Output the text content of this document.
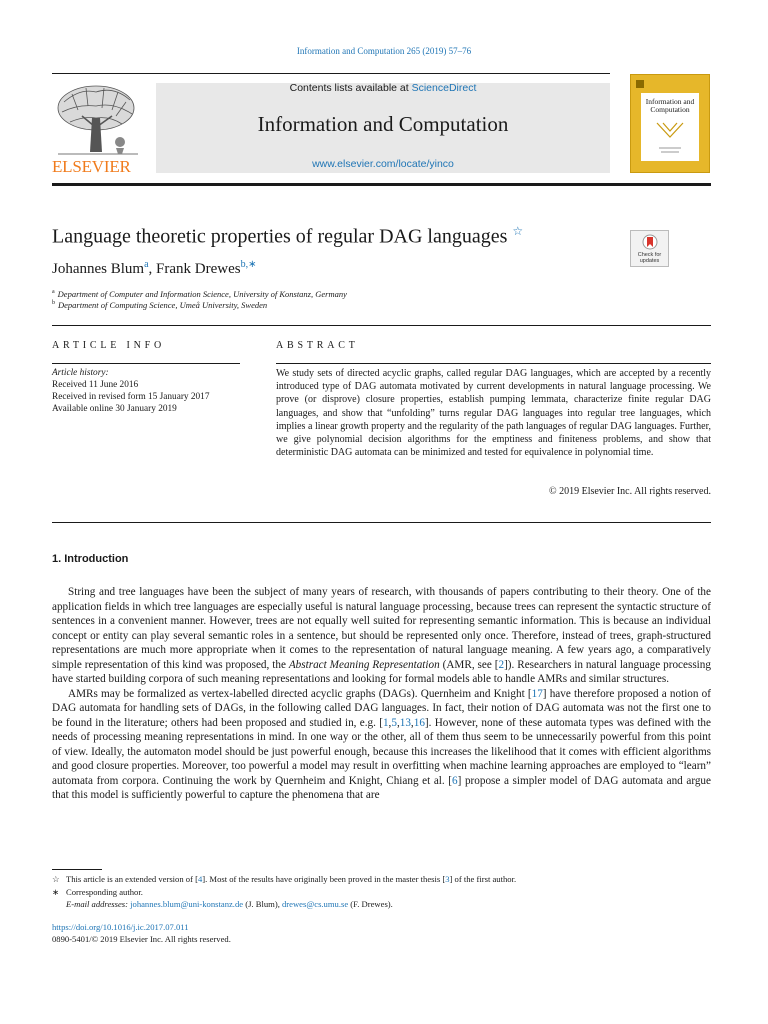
Information and Computation 265 (2019) 57–76
Contents lists available at ScienceDirect
Information and Computation
www.elsevier.com/locate/yinco
ELSEVIER
Information and Computation
Language theoretic properties of regular DAG languages ☆
Check for
updates
Johannes Blum$^a$, Frank Drewes$^{b,∗}$
$^a$ Department of Computer and Information Science, University of Konstanz, Germany
$^b$ Department of Computing Science, Umeå University, Sweden
ARTICLE INFO
Article history:
Received 11 June 2016
Received in revised form 15 January 2017
Available online 30 January 2019
ABSTRACT
We study sets of directed acyclic graphs, called regular DAG languages, which are accepted by a recently introduced type of DAG automata motivated by current developments in natural language processing. We prove (or disprove) closure properties, establish pumping lemmata, characterize finite regular DAG languages, and show that “unfolding” turns regular DAG languages into regular tree languages, which implies a linear growth property and the regularity of the path languages of regular DAG languages. Further, we give polynomial decision algorithms for the emptiness and finiteness problems, and show that deterministic DAG automata can be minimized and tested for equivalence in polynomial time.
© 2019 Elsevier Inc. All rights reserved.
1. Introduction

String and tree languages have been the subject of many years of research, with thousands of papers contributing to their theory. One of the application fields in which tree languages are especially useful is natural language processing, because trees can represent the syntactic structure of sentences in a convenient manner. However, trees are not equally well suited for representing semantic information. This is because an individual concept or entity can play several semantic roles in a sentence, but should be represented only once. Therefore, instead of trees, graph-structured representations are much more appropriate when it comes to the representation of natural language meaning. A few years ago, a comparatively simple representation of this kind was proposed, the Abstract Meaning Representation (AMR, see [2]). Researchers in natural language processing have started building corpora of such meaning representations and looking for formal models able to handle AMRs and similar structures.

AMRs may be formalized as vertex-labelled directed acyclic graphs (DAGs). Quernheim and Knight [17] have therefore proposed a notion of DAG automata for handling sets of DAGs, in the following called DAG languages. In fact, their notion of DAG automata was not the first one to be found in the literature; others had been proposed and studied in, e.g. [1,5,13,16]. However, none of these automata types was defined with the needs of processing meaning representations in mind. In one way or the other, all of them thus seem to be unnecessarily powerful from this point of view. Ideally, the automaton model should be just powerful enough, because this increases the likelihood that it comes with efficient algorithms and good closure properties. Moreover, too powerful a model may result in overfitting when machine learning approaches are employed to “learn” automata from corpora. Continuing the work by Quernheim and Knight, Chiang et al. [6] propose a simpler model of DAG automata and argue that this model is sufficiently powerful to capture the phenomena that are

☆ This article is an extended version of [4]. Most of the results have originally been proved in the master thesis [3] of the first author.
∗ Corresponding author.
E-mail addresses: johannes.blum@uni-konstanz.de (J. Blum), drewes@cs.umu.se (F. Drewes).
https://doi.org/10.1016/j.ic.2017.07.011
0890-5401/© 2019 Elsevier Inc. All rights reserved.
